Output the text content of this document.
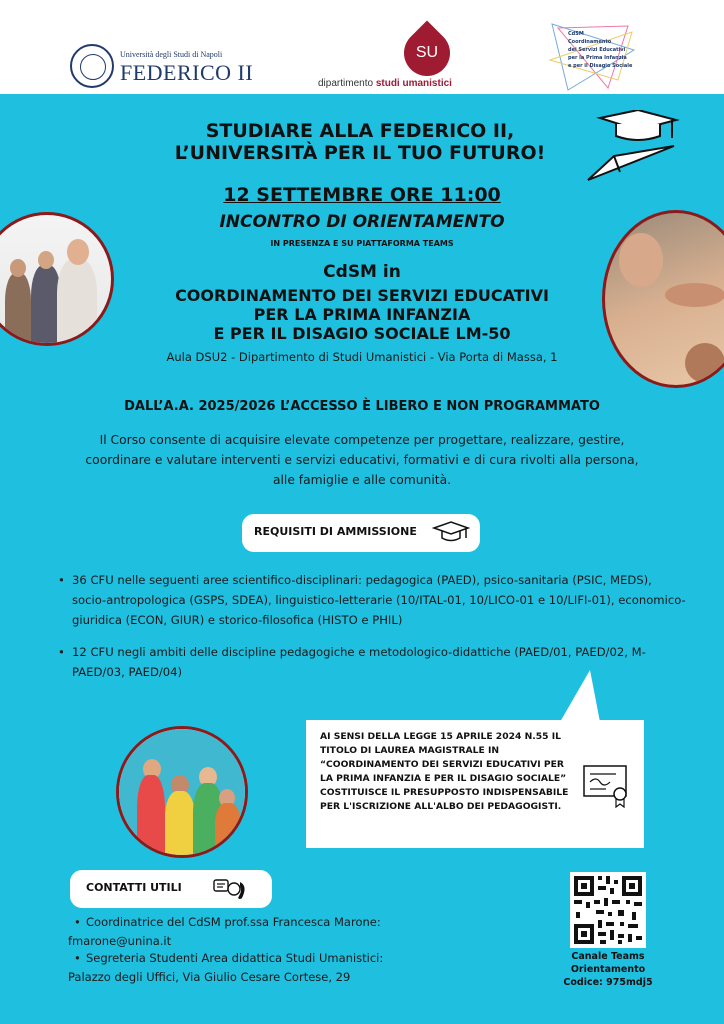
Università degli Studi di Napoli
FEDERICO II
SU
dipartimento studi umanistici
CdSM
Coordinamento
dei Servizi Educativi
per la Prima Infanzia
e per il Disagio Sociale
STUDIARE ALLA FEDERICO II,
L’UNIVERSITÀ PER IL TUO FUTURO!
12 SETTEMBRE ORE 11:00
INCONTRO DI ORIENTAMENTO
IN PRESENZA E SU PIATTAFORMA TEAMS
CdSM in
COORDINAMENTO DEI SERVIZI EDUCATIVI
PER LA PRIMA INFANZIA
E PER IL DISAGIO SOCIALE LM-50
Aula DSU2 - Dipartimento di Studi Umanistici - Via Porta di Massa, 1
DALL’A.A. 2025/2026 L’ACCESSO È LIBERO E NON PROGRAMMATO
Il Corso consente di acquisire elevate competenze per progettare, realizzare, gestire, coordinare e valutare interventi e servizi educativi, formativi e di cura rivolti alla persona, alle famiglie e alle comunità.
REQUISITI DI AMMISSIONE
• 36 CFU nelle seguenti aree scientifico-disciplinari: pedagogica (PAED), psico-sanitaria (PSIC, MEDS), socio-antropologica (GSPS, SDEA), linguistico-letterarie (10/ITAL-01, 10/LICO-01 e 10/LIFI-01), economico-giuridica (ECON, GIUR) e storico-filosofica (HISTO e PHIL)
• 12 CFU negli ambiti delle discipline pedagogiche e metodologico-didattiche (PAED/01, PAED/02, M-PAED/03, PAED/04)
AI SENSI DELLA LEGGE 15 APRILE 2024 N.55 IL TITOLO DI LAUREA MAGISTRALE IN “COORDINAMENTO DEI SERVIZI EDUCATIVI PER LA PRIMA INFANZIA E PER IL DISAGIO SOCIALE” COSTITUISCE IL PRESUPPOSTO INDISPENSABILE PER L'ISCRIZIONE ALL'ALBO DEI PEDAGOGISTI.
CONTATTI UTILI
• Coordinatrice del CdSM prof.ssa Francesca Marone:
fmarone@unina.it
• Segreteria Studenti Area didattica Studi Umanistici:
Palazzo degli Uffici, Via Giulio Cesare Cortese, 29
Canale Teams
Orientamento
Codice: 975mdj5
